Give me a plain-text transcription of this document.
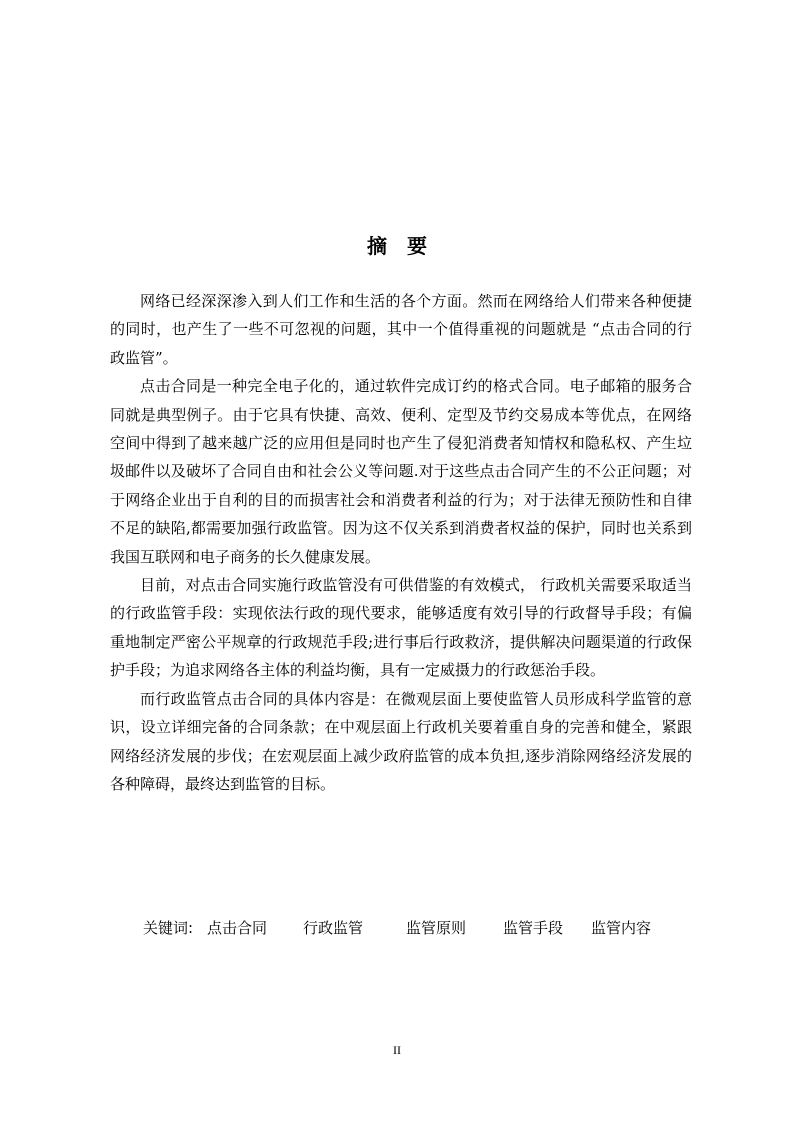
摘要

网络已经深深渗入到人们工作和生活的各个方面。然而在网络给人们带来各种便捷的同时，也产生了一些不可忽视的问题，其中一个值得重视的问题就是 “点击合同的行政监管”。

点击合同是一种完全电子化的，通过软件完成订约的格式合同。电子邮箱的服务合同就是典型例子。由于它具有快捷、高效、便利、定型及节约交易成本等优点，在网络空间中得到了越来越广泛的应用但是同时也产生了侵犯消费者知情权和隐私权、产生垃圾邮件以及破坏了合同自由和社会公义等问题.对于这些点击合同产生的不公正问题；对于网络企业出于自利的目的而损害社会和消费者利益的行为；对于法律无预防性和自律不足的缺陷,都需要加强行政监管。因为这不仅关系到消费者权益的保护，同时也关系到我国互联网和电子商务的长久健康发展。

目前，对点击合同实施行政监管没有可供借鉴的有效模式， 行政机关需要采取适当的行政监管手段：实现依法行政的现代要求，能够适度有效引导的行政督导手段；有偏重地制定严密公平规章的行政规范手段;进行事后行政救济，提供解决问题渠道的行政保护手段；为追求网络各主体的利益均衡，具有一定威摄力的行政惩治手段。

而行政监管点击合同的具体内容是：在微观层面上要使监管人员形成科学监管的意识，设立详细完备的合同条款；在中观层面上行政机关要着重自身的完善和健全，紧跟网络经济发展的步伐；在宏观层面上减少政府监管的成本负担,逐步消除网络经济发展的各种障碍，最终达到监管的目标。

关键词: 点击合同 行政监管	监管原则 监管手段 监管内容
II
